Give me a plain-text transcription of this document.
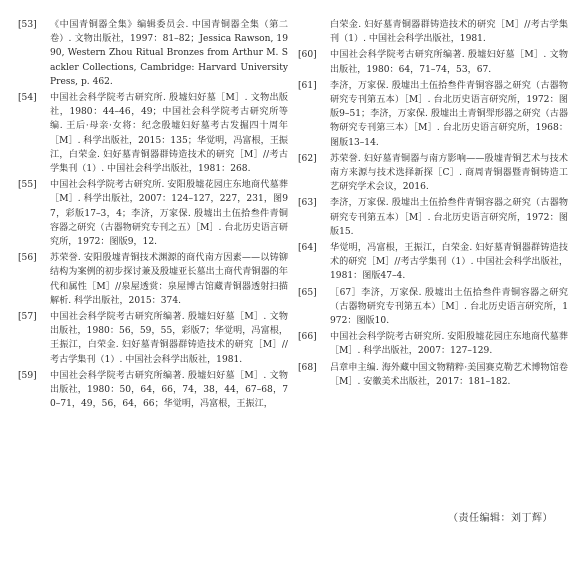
[53]	《中国青铜器全集》编辑委员会. 中国青铜器全集（第二卷）. 文物出版社，1997：81–82；Jessica Rawson, 1990, Western Zhou Ritual Bronzes from Arthur M. Sackler Collections, Cambridge: Harvard University Press, p. 462.
[54]	中国社会科学院考古研究所. 殷墟妇好墓［M］. 文物出版社，1980：44–46，49；中国社会科学院考古研究所等编. 王后·母亲·女将：纪念殷墟妇好墓考古发掘四十周年［M］. 科学出版社，2015：135；华觉明，冯富根，王振江，白荣金. 妇好墓青铜器群铸造技术的研究［M］//考古学集刊（1）. 中国社会科学出版社，1981：268.
[55]	中国社会科学院考古研究所. 安阳殷墟花园庄东地商代墓葬［M］. 科学出版社，2007：124–127，227，231，图97，彩版17–3，4；李济，万家保. 殷墟出土伍拾叁件青铜容器之研究（古器物研究专刊之五）［M］. 台北历史语言研究所，1972：图版9，12.
[56]	苏荣誉. 安阳殷墟青铜技术渊源的商代南方因素——以铸铆结构为案例的初步探讨兼及殷墟亚长墓出土商代青铜器的年代和属性［M］//泉屋透赏：泉屋博古馆藏青铜器透射扫描解析. 科学出版社，2015：374.
[57]	中国社会科学院考古研究所编著. 殷墟妇好墓［M］. 文物出版社，1980：56，59，55，彩版7；华觉明，冯富根，王振江，白荣金. 妇好墓青铜器群铸造技术的研究［M］//考古学集刊（1）. 中国社会科学出版社，1981.
[59]	中国社会科学院考古研究所编著. 殷墟妇好墓［M］. 文物出版社，1980：50，64，66，74，38，44，67–68，70–71，49，56，64，66；华觉明，冯富根，王振江，
白荣金. 妇好墓青铜器群铸造技术的研究［M］//考古学集刊（1）. 中国社会科学出版社，1981.
[60]	中国社会科学院考古研究所编著. 殷墟妇好墓［M］. 文物出版社，1980：64，71–74，53，67.
[61]	李济，万家保. 殷墟出土伍拾叁件青铜容器之研究（古器物研究专刊第五本）［M］. 台北历史语言研究所，1972：图版9–51；李济，万家保. 殷墟出土青铜斝形器之研究（古器物研究专刊第三本）［M］. 台北历史语言研究所，1968：图版13–14.
[62]	苏荣誉. 妇好墓青铜器与南方影响——殷墟青铜艺术与技术南方来源与技术选择新探［C］. 商周青铜器暨青铜铸造工艺研究学术会议，2016.
[63]	李济，万家保. 殷墟出土伍拾叁件青铜容器之研究（古器物研究专刊第五本）［M］. 台北历史语言研究所，1972：图版15.
[64]	华觉明，冯富根，王振江，白荣金. 妇好墓青铜器群铸造技术的研究［M］//考古学集刊（1）. 中国社会科学出版社，1981：图版47–4.
[65]	［67］李济，万家保. 殷墟出土伍拾叁件青铜容器之研究（古器物研究专刊第五本）［M］. 台北历史语言研究所，1972：图版10.
[66]	中国社会科学院考古研究所. 安阳殷墟花园庄东地商代墓葬［M］. 科学出版社，2007：127–129.
[68]	吕章申主编. 海外藏中国文物精粹·美国赛克勒艺术博物馆卷［M］. 安徽美术出版社，2017：181–182.
（责任编辑：刘丁辉）
